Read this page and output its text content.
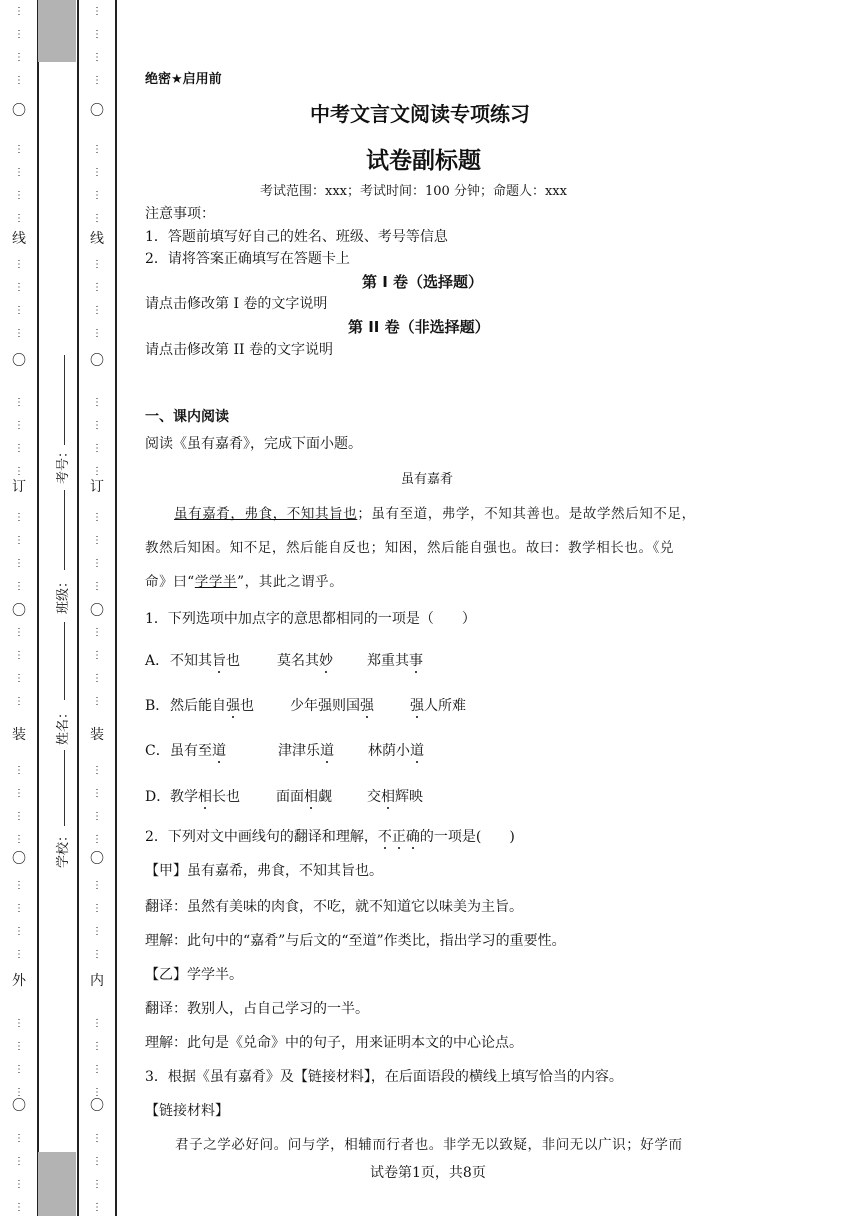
⋮
⋮
⋮
⋮
⋮
⋮
⋮
⋮
⋮
⋮
⋮
⋮
⋮
⋮
⋮
⋮
⋮
⋮
⋮
⋮
⋮
⋮
⋮
⋮
⋮
⋮
⋮
⋮
⋮
⋮
⋮
⋮
⋮
⋮
⋮
⋮
⋮
⋮
⋮
⋮
〇
线
〇
订
〇
装
〇
外
〇
⋮
⋮
⋮
⋮
⋮
⋮
⋮
⋮
⋮
⋮
⋮
⋮
⋮
⋮
⋮
⋮
⋮
⋮
⋮
⋮
⋮
⋮
⋮
⋮
⋮
⋮
⋮
⋮
⋮
⋮
⋮
⋮
⋮
⋮
⋮
⋮
⋮
⋮
⋮
⋮
〇
线
〇
订
〇
装
〇
内
〇
考号：
班级：
姓名：
学校：
绝密★启用前
中考文言文阅读专项练习
试卷副标题
考试范围：xxx；考试时间：100 分钟；命题人：xxx
注意事项：
1．答题前填写好自己的姓名、班级、考号等信息
2．请将答案正确填写在答题卡上
第 I 卷（选择题）
请点击修改第 I 卷的文字说明
第 II 卷（非选择题）
请点击修改第 II 卷的文字说明
一、课内阅读
阅读《虽有嘉肴》，完成下面小题。
虽有嘉肴
虽有嘉肴，弗食，不知其旨也；虽有至道，弗学，不知其善也。是故学然后知不足，
教然后知困。知不足，然后能自反也；知困，然后能自强也。故曰：教学相长也。《兑
命》曰“学学半”，其此之谓乎。
1．下列选项中加点字的意思都相同的一项是（　　）
A． 不知其旨也	莫名其妙 郑重其事
B． 然后能自强也	少年强则国强	强人所难
C． 虽有至道	津津乐道 林荫小道
D． 教学相长也	面面相觑	交相辉映
2．下列对文中画线句的翻译和理解，不正确的一项是(　　)
【甲】虽有嘉希，弗食，不知其旨也。
翻译：虽然有美味的肉食，不吃，就不知道它以味美为主旨。
理解：此句中的“嘉肴”与后文的“至道”作类比，指出学习的重要性。
【乙】学学半。
翻译：教别人，占自己学习的一半。
理解：此句是《兑命》中的句子，用来证明本文的中心论点。
3．根据《虽有嘉肴》及【链接材料】，在后面语段的横线上填写恰当的内容。
【链接材料】
君子之学必好问。问与学，相辅而行者也。非学无以致疑，非问无以广识；好学而
试卷第1页，共8页
